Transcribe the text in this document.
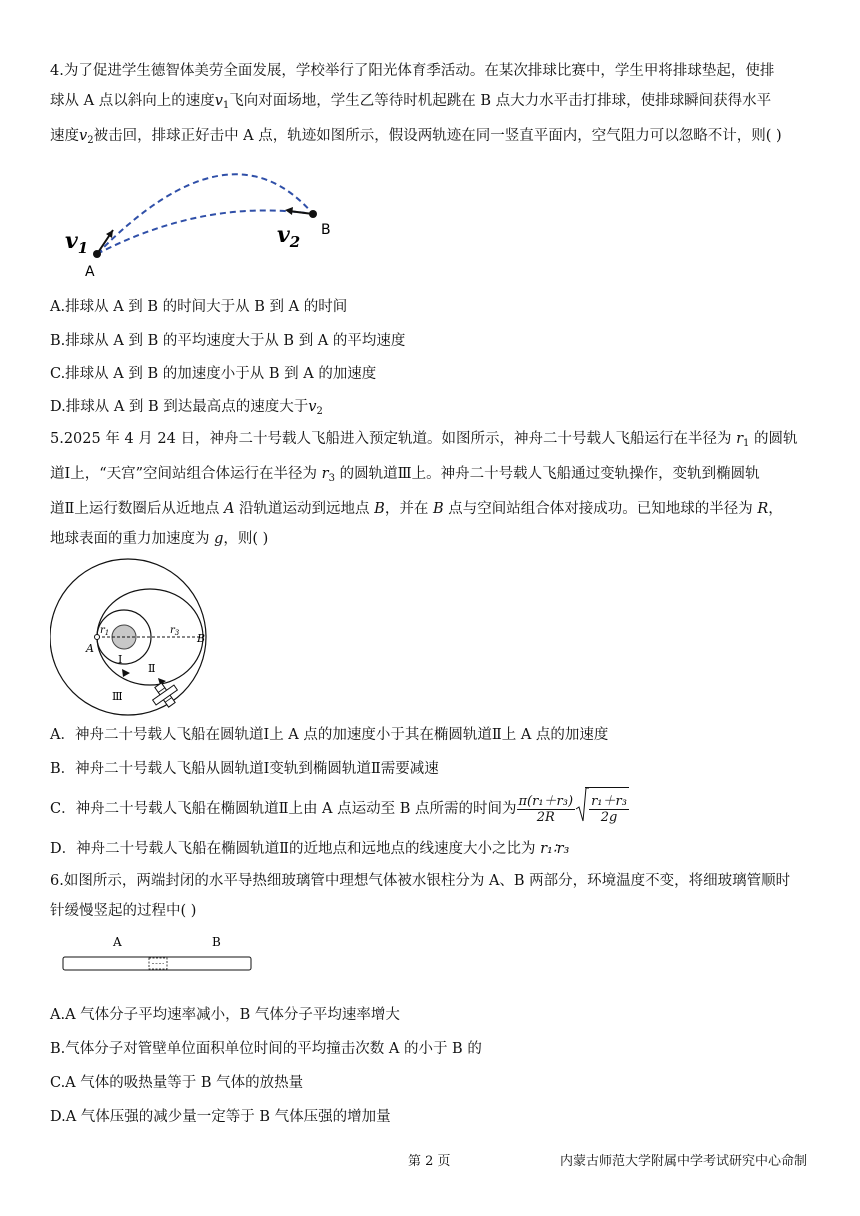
4.为了促进学生德智体美劳全面发展，学校举行了阳光体育季活动。在某次排球比赛中，学生甲将排球垫起，使排
球从 A 点以斜向上的速度$v_1$飞向对面场地，学生乙等待时机起跳在 B 点大力水平击打排球，使排球瞬间获得水平
速度$v_2$被击回，排球正好击中 A 点，轨迹如图所示，假设两轨迹在同一竖直平面内，空气阻力可以忽略不计，则( )
$v_1$
A
$v_2$
B
A.排球从 A 到 B 的时间大于从 B 到 A 的时间
B.排球从 A 到 B 的平均速度大于从 B 到 A 的平均速度
C.排球从 A 到 B 的加速度小于从 B 到 A 的加速度
D.排球从 A 到 B 到达最高点的速度大于$v_2$
5.2025 年 4 月 24 日，神舟二十号载人飞船进入预定轨道。如图所示，神舟二十号载人飞船运行在半径为 $r_1$ 的圆轨
道Ⅰ上，“天宫”空间站组合体运行在半径为 $r_3$ 的圆轨道Ⅲ上。神舟二十号载人飞船通过变轨操作，变轨到椭圆轨
道Ⅱ上运行数圈后从近地点 A 沿轨道运动到远地点 B，并在 B 点与空间站组合体对接成功。已知地球的半径为 R，
地球表面的重力加速度为 g，则( )
$r_1$	$r_3$
A
B
Ⅰ
Ⅱ
Ⅲ
A．神舟二十号载人飞船在圆轨道Ⅰ上 A 点的加速度小于其在椭圆轨道Ⅱ上 A 点的加速度
B．神舟二十号载人飞船从圆轨道Ⅰ变轨到椭圆轨道Ⅱ需要减速
C．神舟二十号载人飞船在椭圆轨道Ⅱ上由 A 点运动至 B 点所需的时间为 $\frac{\text{π(r₁＋r₃)}}{2R} \frac{\text{r₁＋r₃}}{2g}$
D．神舟二十号载人飞船在椭圆轨道Ⅱ的近地点和远地点的线速度大小之比为 r₁∶r₃
6.如图所示，两端封闭的水平导热细玻璃管中理想气体被水银柱分为 A、B 两部分，环境温度不变，将细玻璃管顺时
针缓慢竖起的过程中( )
A	B
A.A 气体分子平均速率减小，B 气体分子平均速率增大
B.气体分子对管壁单位面积单位时间的平均撞击次数 A 的小于 B 的
C.A 气体的吸热量等于 B 气体的放热量
D.A 气体压强的减少量一定等于 B 气体压强的增加量
第 2 页	内蒙古师范大学附属中学考试研究中心命制
